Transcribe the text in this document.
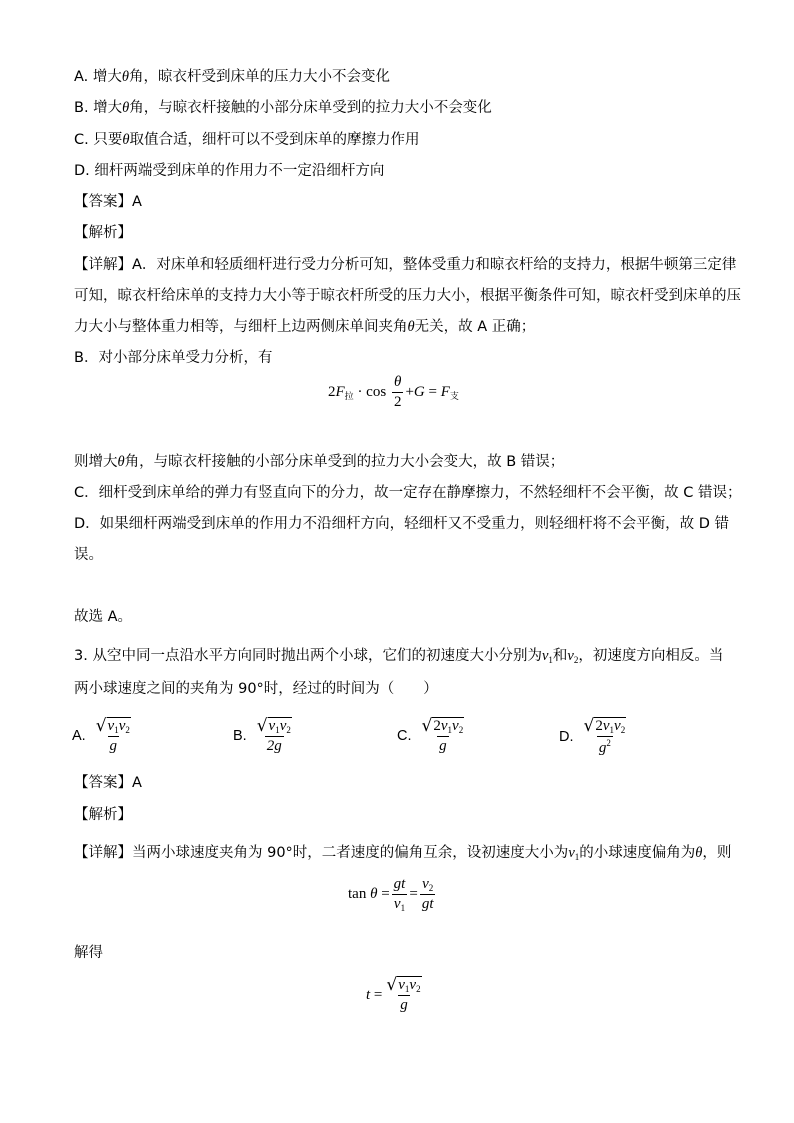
A. 增大θ角，晾衣杆受到床单的压力大小不会变化
B. 增大θ角，与晾衣杆接触的小部分床单受到的拉力大小不会变化
C. 只要θ取值合适，细杆可以不受到床单的摩擦力作用
D. 细杆两端受到床单的作用力不一定沿细杆方向
【答案】A
【解析】
【详解】A．对床单和轻质细杆进行受力分析可知，整体受重力和晾衣杆给的支持力，根据牛顿第三定律
可知，晾衣杆给床单的支持力大小等于晾衣杆所受的压力大小，根据平衡条件可知，晾衣杆受到床单的压
力大小与整体重力相等，与细杆上边两侧床单间夹角θ无关，故 A 正确；
B．对小部分床单受力分析，有
$2F_拉 \cdot \cos \frac{\theta}{2} +G = F_支$
则增大θ角，与晾衣杆接触的小部分床单受到的拉力大小会变大，故 B 错误；
C．细杆受到床单给的弹力有竖直向下的分力，故一定存在静摩擦力，不然轻细杆不会平衡，故 C 错误；
D．如果细杆两端受到床单的作用力不沿细杆方向，轻细杆又不受重力，则轻细杆将不会平衡，故 D 错
误。
故选 A。
3. 从空中同一点沿水平方向同时抛出两个小球，它们的初速度大小分别为$v_1$和$v_2$，初速度方向相反。当
两小球速度之间的夹角为 90°时，经过的时间为（　　）
A. $\frac{√ v_1v_2}{g}$	B. $\frac{√ v_1v_2}{2g}$	C. $\frac{√ 2v_1v_2}{g}$	D. $\frac{√ 2v_1v_2}{g^2}$
【答案】A
【解析】
【详解】当两小球速度夹角为 90°时，二者速度的偏角互余，设初速度大小为$v_1$的小球速度偏角为θ，则
tan
θ
= $\frac{gt}{v_1} = \frac{v_2}{gt}$
解得
t
= $\frac{√ v_1v_2}{g}$
